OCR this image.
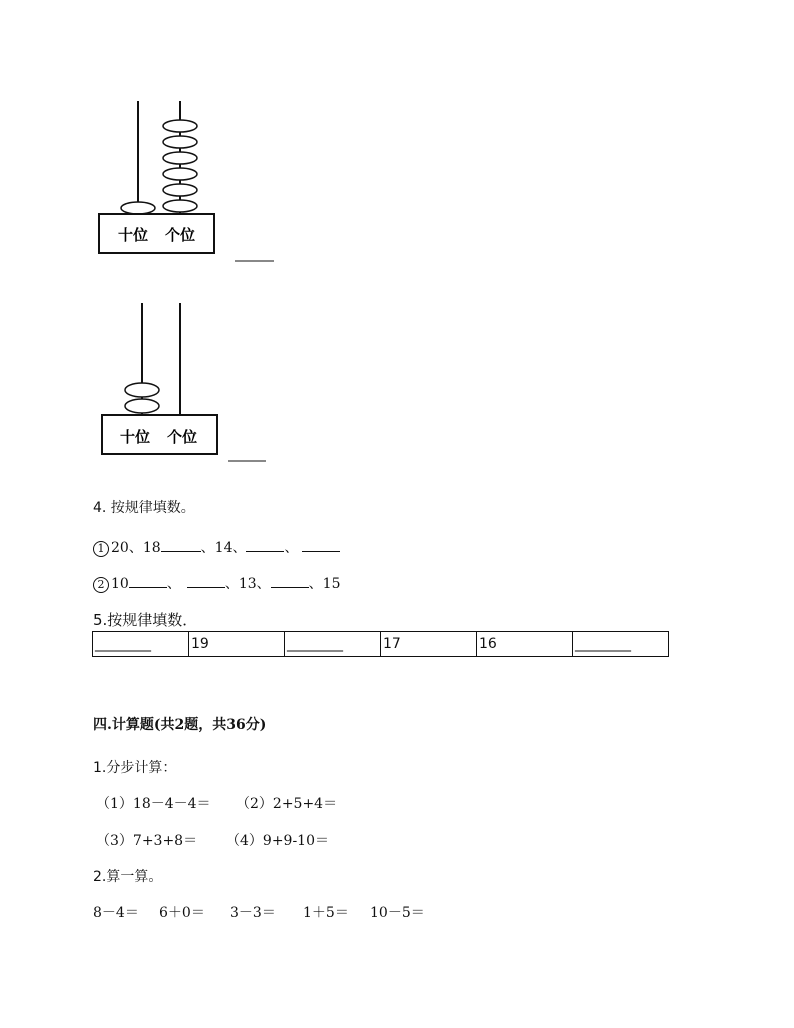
十位 个位
十位 个位
4. 按规律填数。
1 20、18	、14、	、
2 10	、	、13、	、15
5.按规律填数．
________	19	________	17	16	________
四.计算题(共2题，共36分)
1.分步计算：
（1）18－4－4＝ （2）2+5+4＝
（3）7+3+8＝ （4）9+9-10＝
2.算一算。
8－4＝ 6＋0＝ 3－3＝ 1＋5＝ 10－5＝
